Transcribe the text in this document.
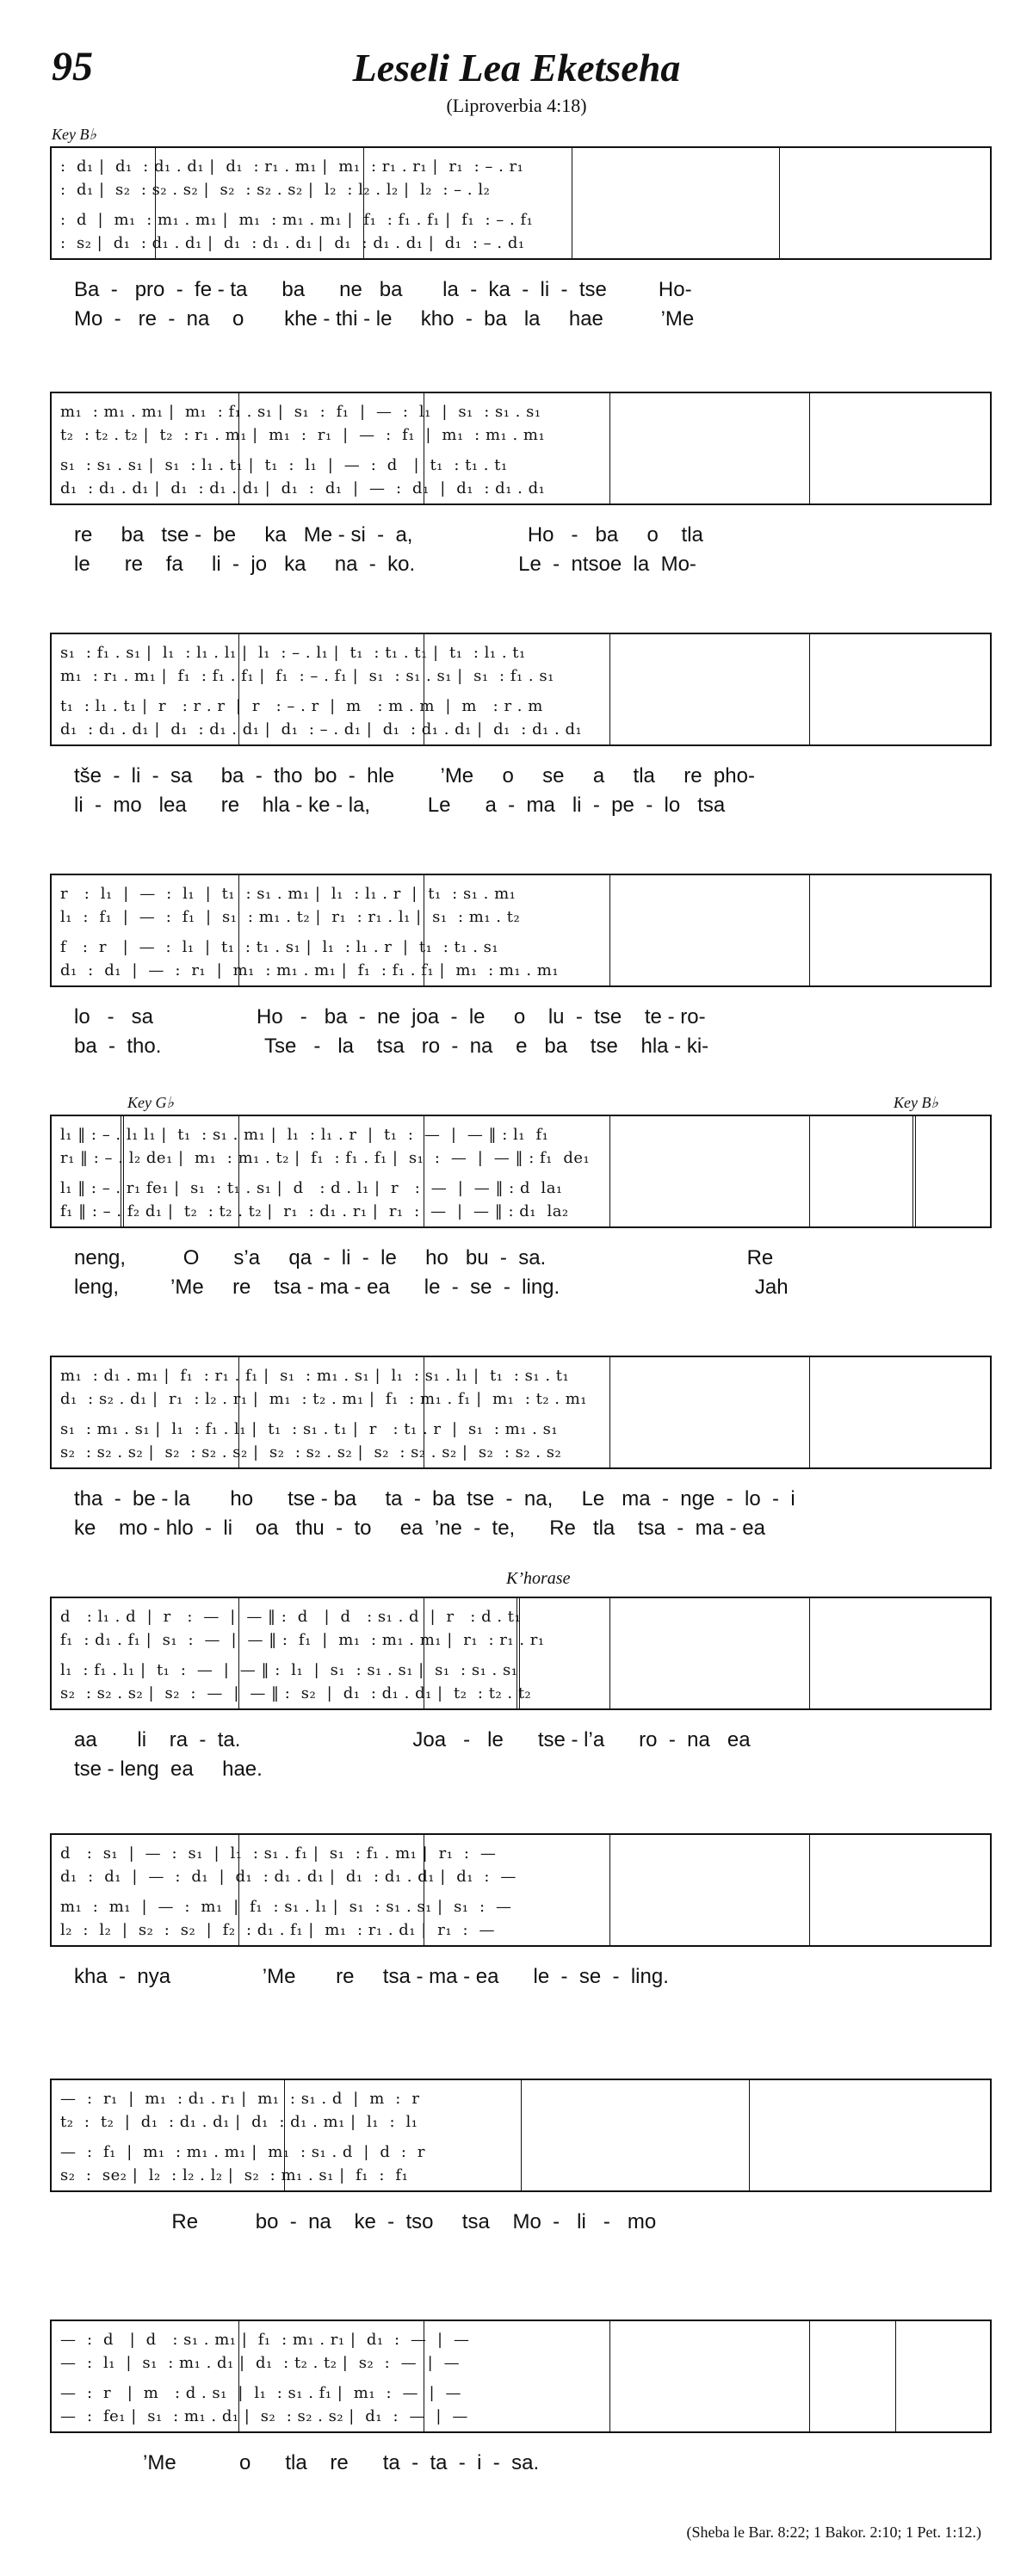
95	Leseli Lea Eketseha
(Liproverbia 4:18)
Key B♭
:  d₁ |  d₁  : d₁ . d₁ |  d₁  : r₁ . m₁ |  m₁  : r₁ . r₁ |  r₁  : – . r₁
:  d₁ |  s₂  : s₂ . s₂ |  s₂  : s₂ . s₂ |  l₂  : l₂ . l₂ |  l₂  : – . l₂
:  d  |  m₁  : m₁ . m₁ |  m₁  : m₁ . m₁ |  f₁  : f₁ . f₁ |  f₁  : – . f₁
:  s₂ |  d₁  : d₁ . d₁ |  d₁  : d₁ . d₁ |  d₁  : d₁ . d₁ |  d₁  : – . d₁
Ba  -   pro  -  fe - ta      ba      ne   ba       la  -  ka  -  li  -  tse         Ho-
Mo  -   re  -  na    o       khe - thi - le     kho  -  ba   la     hae          ’Me
m₁  : m₁ . m₁ |  m₁  : f₁ . s₁ |  s₁  :  f₁  |  —  :  l₁  |  s₁  : s₁ . s₁
t₂  : t₂ . t₂ |  t₂  : r₁ . m₁ |  m₁  :  r₁  |  —  :  f₁  |  m₁  : m₁ . m₁
s₁  : s₁ . s₁ |  s₁  : l₁ . t₁ |  t₁  :  l₁  |  —  :  d   |  t₁  : t₁ . t₁
d₁  : d₁ . d₁ |  d₁  : d₁ . d₁ |  d₁  :  d₁  |  —  :  d₁  |  d₁  : d₁ . d₁
re     ba   tse -  be     ka   Me - si  -  a,                    Ho   -   ba     o    tla
le      re    fa     li  -  jo   ka     na  -  ko.                  Le  -  ntsoe  la  Mo-
s₁  : f₁ . s₁ |  l₁  : l₁ . l₁ |  l₁  : – . l₁ |  t₁  : t₁ . t₁ |  t₁  : l₁ . t₁
m₁  : r₁ . m₁ |  f₁  : f₁ . f₁ |  f₁  : – . f₁ |  s₁  : s₁ . s₁ |  s₁  : f₁ . s₁
t₁  : l₁ . t₁ |  r   : r . r  |  r   : – . r  |  m   : m . m  |  m   : r . m
d₁  : d₁ . d₁ |  d₁  : d₁ . d₁ |  d₁  : – . d₁ |  d₁  : d₁ . d₁ |  d₁  : d₁ . d₁
tše  -  li  -  sa     ba  -  tho  bo  -  hle        ’Me     o     se     a     tla     re  pho-
li  -  mo   lea      re    hla - ke - la,          Le      a  -  ma   li  -  pe  -  lo   tsa
r   :  l₁  |  —  :  l₁  |  t₁  : s₁ . m₁ |  l₁  : l₁ . r  |  t₁  : s₁ . m₁
l₁  :  f₁  |  —  :  f₁  |  s₁  : m₁ . t₂ |  r₁  : r₁ . l₁ |  s₁  : m₁ . t₂
f   :  r   |  —  :  l₁  |  t₁  : t₁ . s₁ |  l₁  : l₁ . r  |  t₁  : t₁ . s₁
d₁  :  d₁  |  —  :  r₁  |  m₁  : m₁ . m₁ |  f₁  : f₁ . f₁ |  m₁  : m₁ . m₁
lo   -   sa                  Ho   -   ba  -  ne  joa  -  le     o    lu  -  tse    te - ro-
ba  -  tho.                  Tse   -   la    tsa   ro  -  na    e   ba    tse    hla - ki-
Key G♭	Key B♭
l₁ ‖ : – . l₁ l₁ |  t₁  : s₁ . m₁ |  l₁  : l₁ . r  |  t₁  :  —  |  — ‖ : l₁  f₁
r₁ ‖ : – . l₂ de₁ |  m₁  : m₁ . t₂ |  f₁  : f₁ . f₁ |  s₁  :  —  |  — ‖ : f₁  de₁
l₁ ‖ : – . r₁ fe₁ |  s₁  : t₁ . s₁ |  d   : d . l₁ |  r   :  —  |  — ‖ : d  la₁
f₁ ‖ : – . f₂ d₁ |  t₂  : t₂ . t₂ |  r₁  : d₁ . r₁ |  r₁  :  —  |  — ‖ : d₁  la₂
neng,          O      s’a     qa  -  li  -  le     ho   bu  -  sa.                                   Re
leng,         ’Me     re    tsa - ma - ea      le  -  se  -  ling.                                  Jah
m₁  : d₁ . m₁ |  f₁  : r₁ . f₁ |  s₁  : m₁ . s₁ |  l₁  : s₁ . l₁ |  t₁  : s₁ . t₁
d₁  : s₂ . d₁ |  r₁  : l₂ . r₁ |  m₁  : t₂ . m₁ |  f₁  : m₁ . f₁ |  m₁  : t₂ . m₁
s₁  : m₁ . s₁ |  l₁  : f₁ . l₁ |  t₁  : s₁ . t₁ |  r   : t₁ . r  |  s₁  : m₁ . s₁
s₂  : s₂ . s₂ |  s₂  : s₂ . s₂ |  s₂  : s₂ . s₂ |  s₂  : s₂ . s₂ |  s₂  : s₂ . s₂
tha  -  be - la       ho      tse - ba     ta  -  ba  tse  -  na,     Le   ma  -  nge  -  lo  -  i
ke    mo - hlo  -  li    oa   thu  -  to     ea  ’ne  -  te,      Re   tla    tsa  -  ma - ea
K’horase
d   : l₁ . d  |  r   :  —  |  — ‖ :  d   |  d   : s₁ . d  |  r   : d . t₁
f₁  : d₁ . f₁ |  s₁  :  —  |  — ‖ :  f₁  |  m₁  : m₁ . m₁ |  r₁  : r₁ . r₁
l₁  : f₁ . l₁ |  t₁  :  —  |  — ‖ :  l₁  |  s₁  : s₁ . s₁ |  s₁  : s₁ . s₁
s₂  : s₂ . s₂ |  s₂  :  —  |  — ‖ :  s₂  |  d₁  : d₁ . d₁ |  t₂  : t₂ . t₂
aa       li    ra  -  ta.                              Joa   -   le      tse - l’a      ro  -  na   ea
tse - leng  ea     hae.
d   :  s₁  |  —  :  s₁  |  l₁  : s₁ . f₁ |  s₁  : f₁ . m₁ |  r₁  :  —
d₁  :  d₁  |  —  :  d₁  |  d₁  : d₁ . d₁ |  d₁  : d₁ . d₁ |  d₁  :  —
m₁  :  m₁  |  —  :  m₁  |  f₁  : s₁ . l₁ |  s₁  : s₁ . s₁ |  s₁  :  —
l₂  :  l₂  |  s₂  :  s₂  |  f₂  : d₁ . f₁ |  m₁  : r₁ . d₁ |  r₁  :  —
kha  -  nya                ’Me       re     tsa - ma - ea      le  -  se  -  ling.
—  :  r₁  |  m₁  : d₁ . r₁ |  m₁  : s₁ . d  |  m  :  r
t₂  :  t₂  |  d₁  : d₁ . d₁ |  d₁  : d₁ . m₁ |  l₁  :  l₁
—  :  f₁  |  m₁  : m₁ . m₁ |  m₁  : s₁ . d  |  d  :  r
s₂  :  se₂ |  l₂  : l₂ . l₂ |  s₂  : m₁ . s₁ |  f₁  :  f₁
Re          bo  -  na    ke  -  tso     tsa    Mo  -   li   -   mo
—  :  d   |  d   : s₁ . m₁ |  f₁  : m₁ . r₁ |  d₁  :  —  |  —
—  :  l₁  |  s₁  : m₁ . d₁ |  d₁  : t₂ . t₂ |  s₂  :  —  |  —
—  :  r   |  m   : d . s₁  |  l₁  : s₁ . f₁ |  m₁  :  —  |  —
—  :  fe₁ |  s₁  : m₁ . d₁ |  s₂  : s₂ . s₂ |  d₁  :  —  |  —
’Me           o      tla    re      ta  -  ta  -  i  -  sa.
(Sheba le Bar. 8:22; 1 Bakor. 2:10; 1 Pet. 1:12.)
